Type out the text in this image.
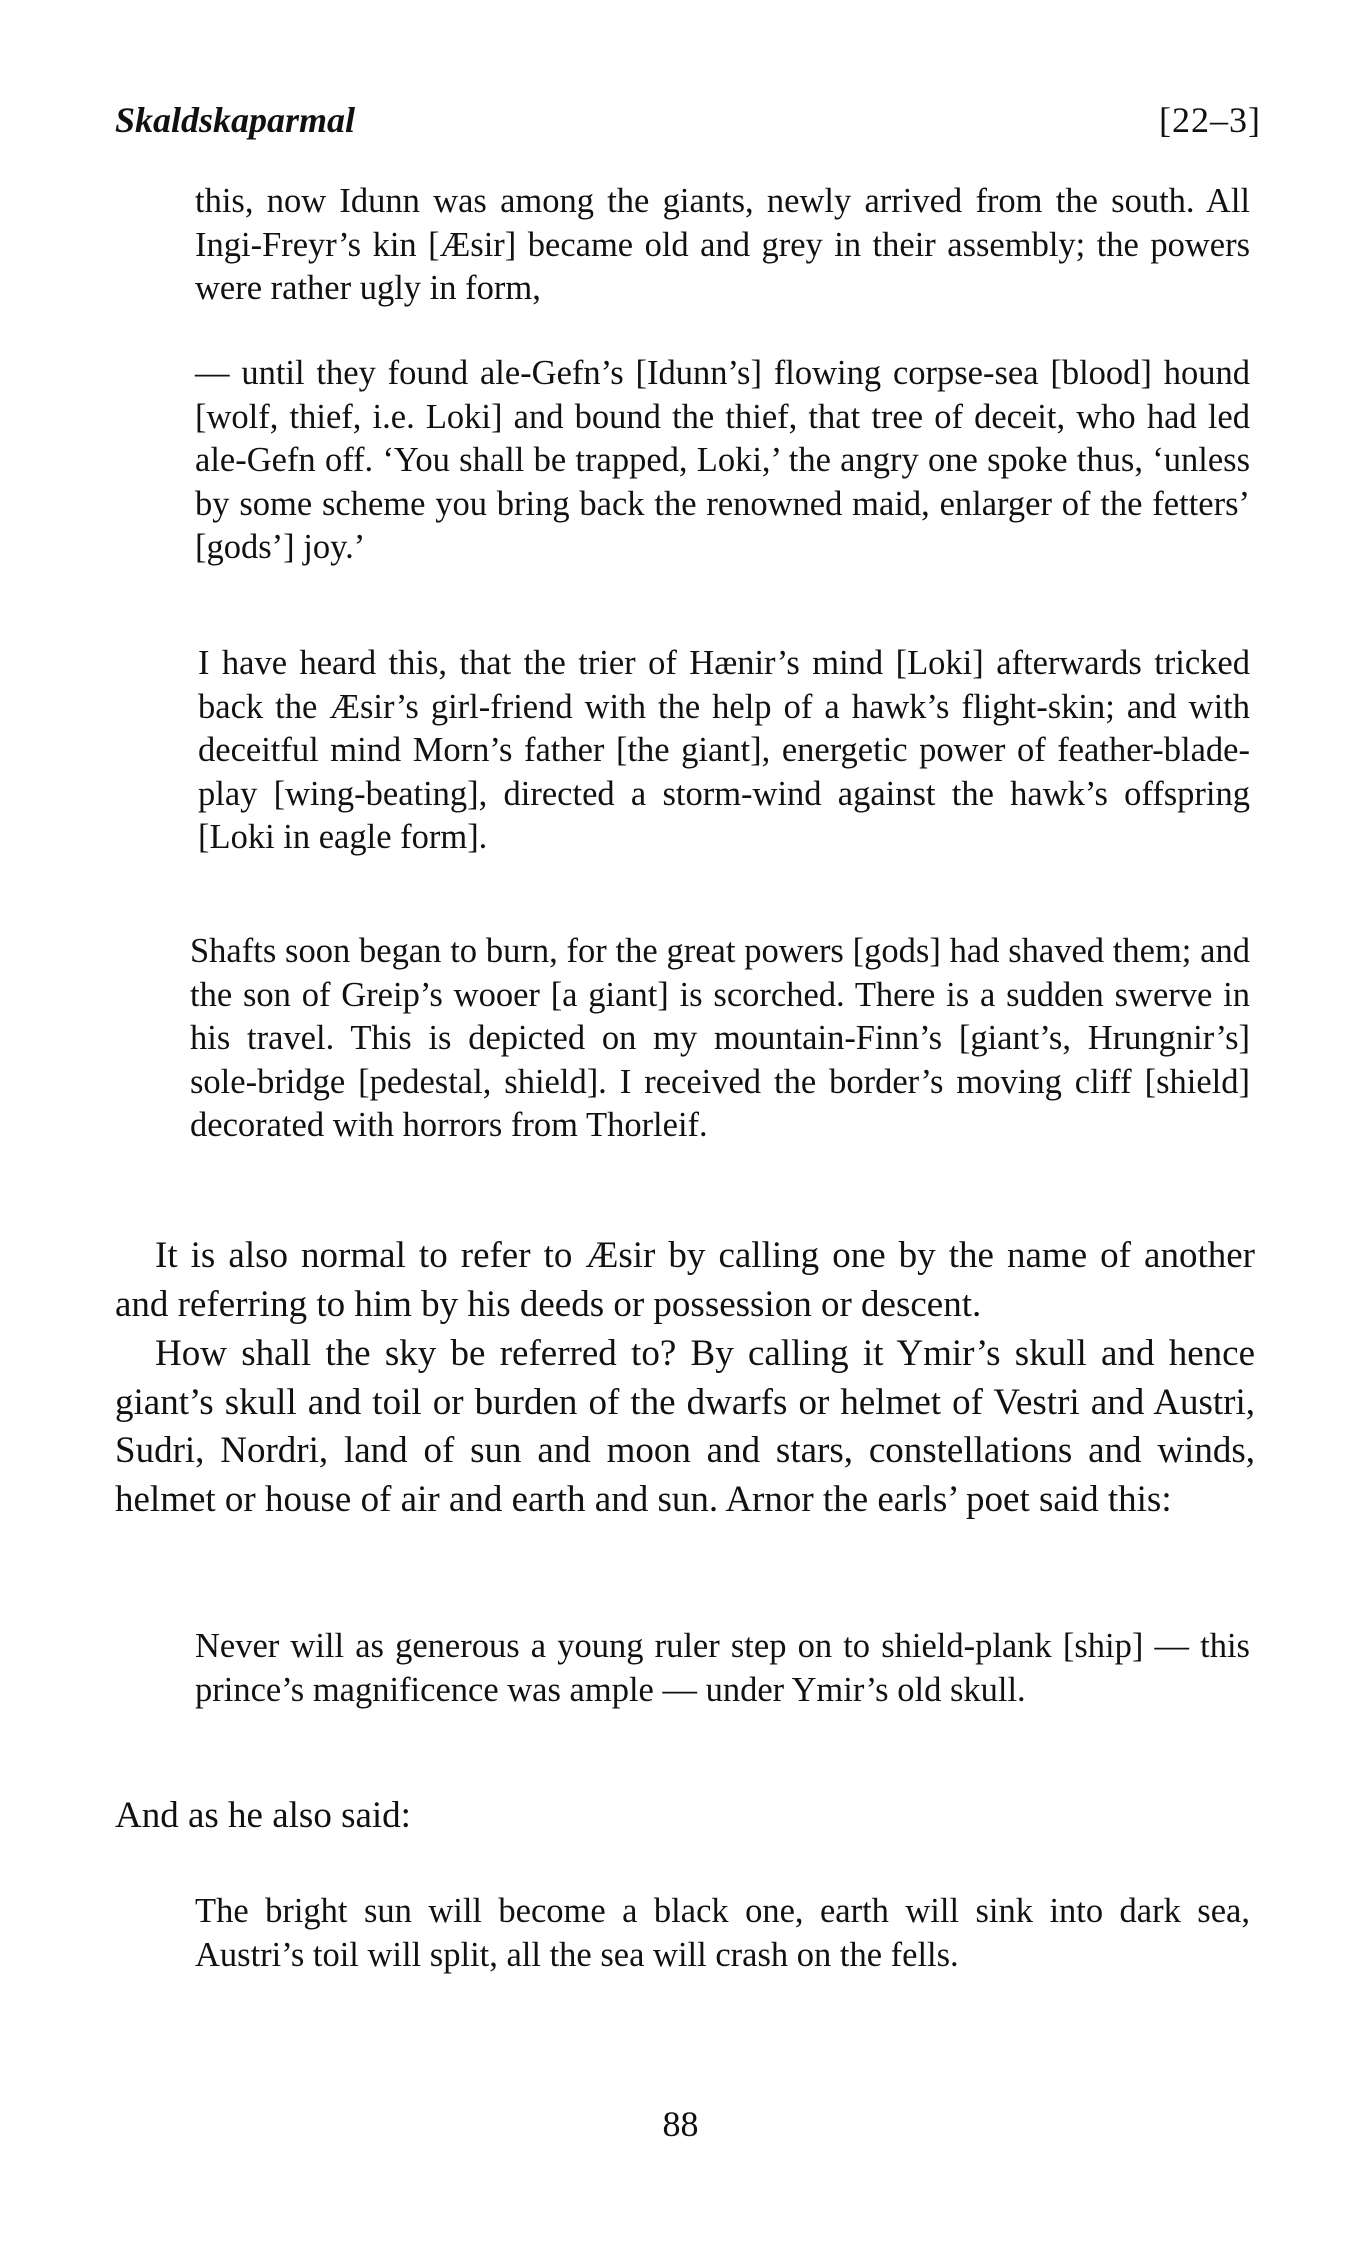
Skaldskaparmal	[22–3]

this, now Idunn was among the giants, newly arrived from the south. All Ingi-Freyr’s kin [Æsir] became old and grey in their assembly; the powers were rather ugly in form,

— until they found ale-Gefn’s [Idunn’s] flowing corpse-sea [blood] hound [wolf, thief, i.e. Loki] and bound the thief, that tree of deceit, who had led ale-Gefn off. ‘You shall be trapped, Loki,’ the angry one spoke thus, ‘unless by some scheme you bring back the renowned maid, enlarger of the fetters’ [gods’] joy.’

I have heard this, that the trier of Hænir’s mind [Loki] afterwards tricked back the Æsir’s girl-friend with the help of a hawk’s flight-skin; and with deceitful mind Morn’s father [the giant], energetic power of feather-blade-play [wing-beating], directed a storm-wind against the hawk’s offspring [Loki in eagle form].

Shafts soon began to burn, for the great powers [gods] had shaved them; and the son of Greip’s wooer [a giant] is scorched. There is a sudden swerve in his travel. This is depicted on my mountain-Finn’s [giant’s, Hrungnir’s] sole-bridge [pedestal, shield]. I received the border’s moving cliff [shield] decorated with horrors from Thorleif.

It is also normal to refer to Æsir by calling one by the name of another and referring to him by his deeds or possession or descent.

How shall the sky be referred to? By calling it Ymir’s skull and hence giant’s skull and toil or burden of the dwarfs or helmet of Vestri and Austri, Sudri, Nordri, land of sun and moon and stars, constellations and winds, helmet or house of air and earth and sun. Arnor the earls’ poet said this:

Never will as generous a young ruler step on to shield-plank [ship] — this prince’s magnificence was ample — under Ymir’s old skull.

And as he also said:

The bright sun will become a black one, earth will sink into dark sea, Austri’s toil will split, all the sea will crash on the fells.

88
